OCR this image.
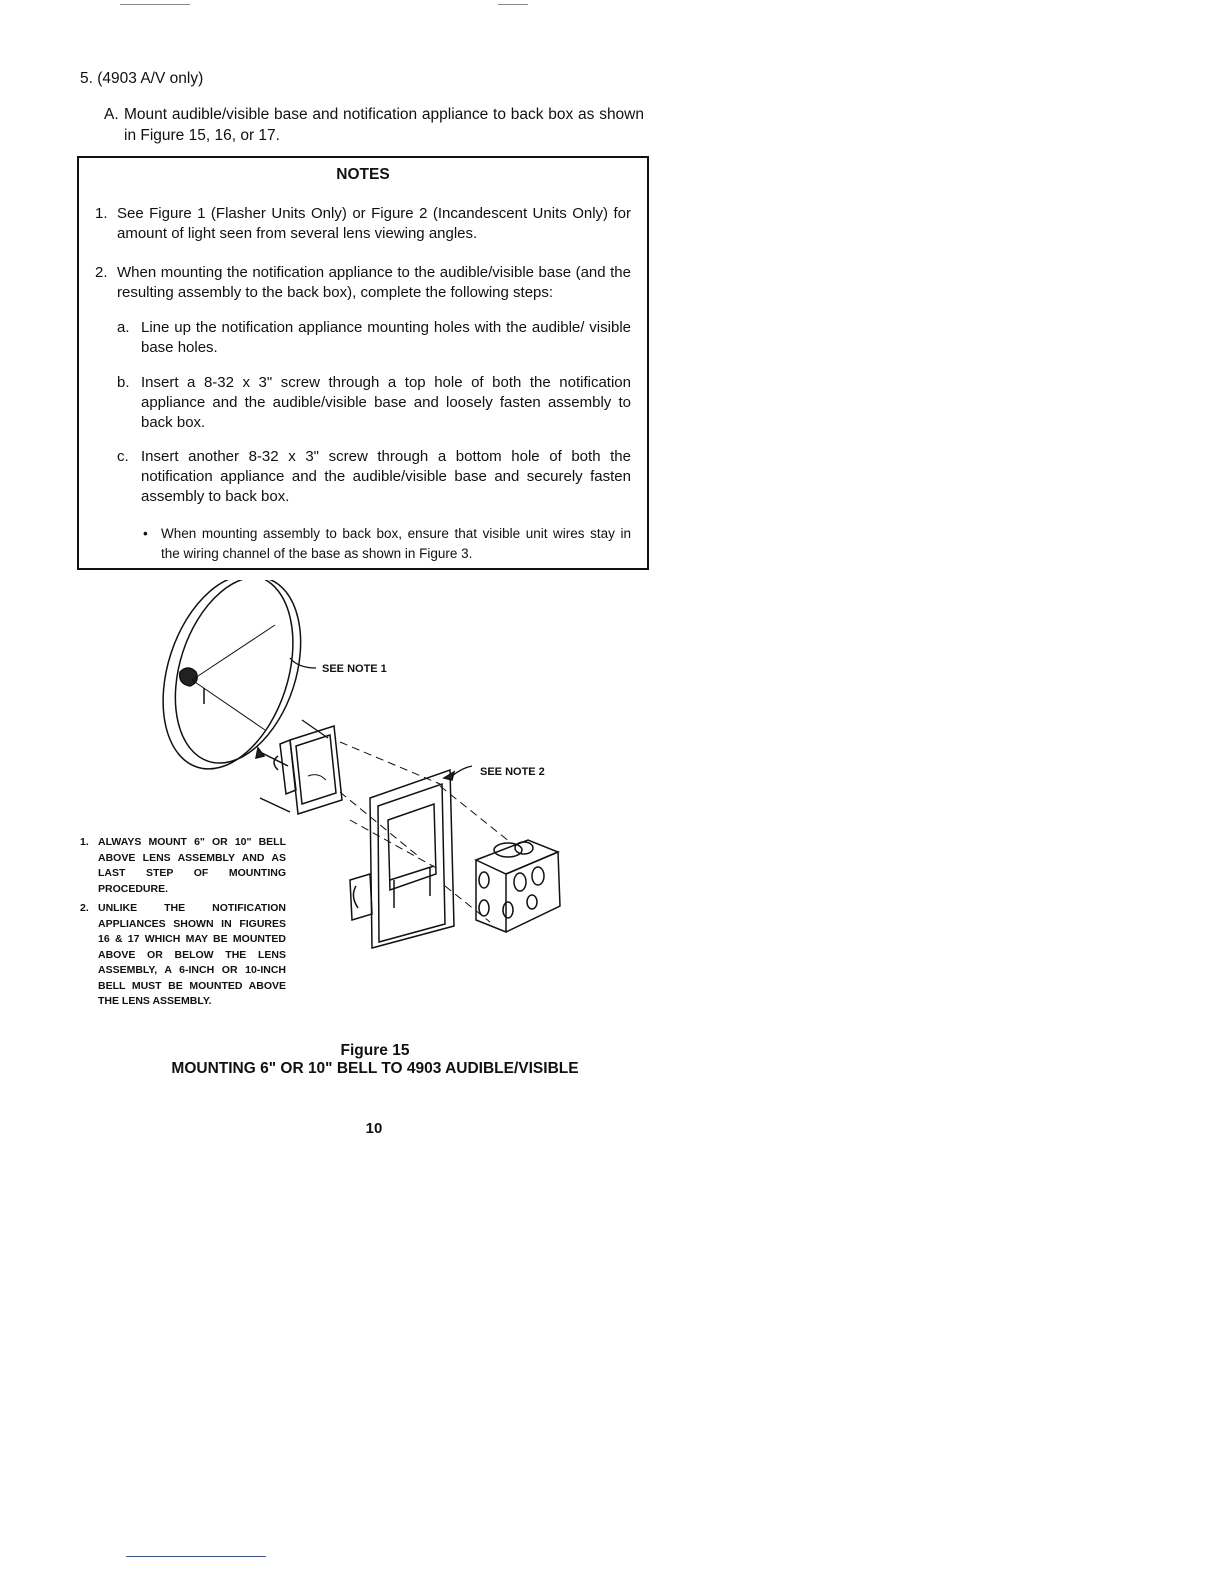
5. (4903 A/V only)
A. Mount audible/visible base and notification appliance to back box as shown in Figure 15, 16, or 17.
NOTES
1. See Figure 1 (Flasher Units Only) or Figure 2 (Incandescent Units Only) for amount of light seen from several lens viewing angles.
2. When mounting the notification appliance to the audible/visible base (and the resulting assembly to the back box), complete the following steps:
a. Line up the notification appliance mounting holes with the audible/ visible base holes.
b. Insert a 8-32 x 3" screw through a top hole of both the notification appliance and the audible/visible base and loosely fasten assembly to back box.
c. Insert another 8-32 x 3" screw through a bottom hole of both the notification appliance and the audible/visible base and securely fasten assembly to back box.
• When mounting assembly to back box, ensure that visible unit wires stay in the wiring channel of the base as shown in Figure 3.
SEE NOTE 1
SEE NOTE 2
1. ALWAYS MOUNT 6" OR 10" BELL ABOVE LENS ASSEMBLY AND AS LAST STEP OF MOUNTING PROCEDURE.
2. UNLIKE THE NOTIFICATION APPLIANCES SHOWN IN FIGURES 16 & 17 WHICH MAY BE MOUNTED ABOVE OR BELOW THE LENS ASSEMBLY, A 6-INCH OR 10-INCH BELL MUST BE MOUNTED ABOVE THE LENS ASSEMBLY.
Figure 15
MOUNTING 6" OR 10" BELL TO 4903 AUDIBLE/VISIBLE
10
